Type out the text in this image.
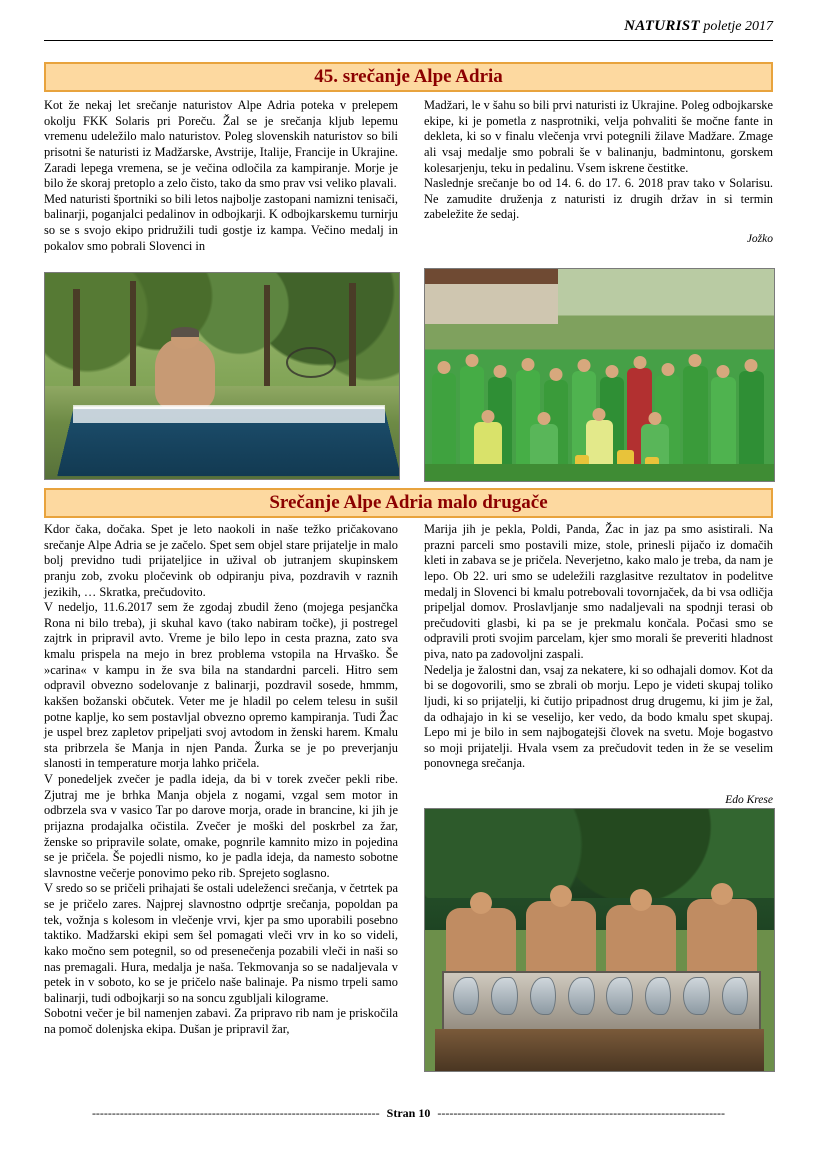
NATURIST poletje 2017
45. srečanje Alpe Adria

Kot že nekaj let srečanje naturistov Alpe Adria poteka v prelepem okolju FKK Solaris pri Poreču. Žal se je srečanja kljub lepemu vremenu udeležilo malo naturistov. Poleg slovenskih naturistov so bili prisotni še naturisti iz Madžarske, Avstrije, Italije, Francije in Ukrajine. Zaradi lepega vremena, se je večina odločila za kampiranje. Morje je bilo že skoraj pretoplo a zelo čisto, tako da smo prav vsi veliko plavali.

Med naturisti športniki so bili letos najbolje zastopani namizni tenisači, balinarji, poganjalci pedalinov in odbojkarji. K odbojkarskemu turnirju so se s svojo ekipo pridružili tudi gostje iz kampa. Večino medalj in pokalov smo pobrali Slovenci in

Madžari, le v šahu so bili prvi naturisti iz Ukrajine. Poleg odbojkarske ekipe, ki je pometla z nasprotniki, velja pohvaliti še močne fante in dekleta, ki so v finalu vlečenja vrvi potegnili žilave Madžare. Zmage ali vsaj medalje smo pobrali še v balinanju, badmintonu, gorskem kolesarjenju, teku in pedalinu. Vsem iskrene čestitke.

Naslednje srečanje bo od 14. 6. do 17. 6. 2018 prav tako v Solarisu. Ne zamudite druženja z naturisti iz drugih držav in si termin zabeležite že sedaj.

Jožko
Srečanje Alpe Adria malo drugače

Kdor čaka, dočaka. Spet je leto naokoli in naše težko pričakovano srečanje Alpe Adria se je začelo. Spet sem objel stare prijatelje in malo bolj previdno tudi prijateljice in užival ob jutranjem skupinskem pranju zob, zvoku pločevink ob odpiranju piva, pozdravih v raznih jezikih, … Skratka, prečudovito.

V nedeljo, 11.6.2017 sem že zgodaj zbudil ženo (mojega pesjančka Rona ni bilo treba), ji skuhal kavo (tako nabiram točke), ji postregel zajtrk in pripravil avto. Vreme je bilo lepo in cesta prazna, zato sva kmalu prispela na mejo in brez problema vstopila na Hrvaško. Še »carina« v kampu in že sva bila na standardni parceli. Hitro sem odpravil obvezno sodelovanje z balinarji, pozdravil sosede, hmmm, kakšen božanski občutek. Veter me je hladil po celem telesu in sušil potne kaplje, ko sem postavljal obvezno opremo kampiranja. Tudi Žac je uspel brez zapletov pripeljati svoj avtodom in ženski harem. Kmalu sta pribrzela še Manja in njen Panda. Žurka se je po preverjanju slanosti in temperature morja lahko pričela.

V ponedeljek zvečer je padla ideja, da bi v torek zvečer pekli ribe. Zjutraj me je brhka Manja objela z nogami, vzgal sem motor in odbrzela sva v vasico Tar po darove morja, orade in brancine, ki jih je prijazna prodajalka očistila. Zvečer je moški del poskrbel za žar, ženske so pripravile solate, omake, pognrile kamnito mizo in pojedina se je pričela. Še pojedli nismo, ko je padla ideja, da namesto sobotne slavnostne večerje ponovimo peko rib. Sprejeto soglasno.

V sredo so se pričeli prihajati še ostali udeleženci srečanja, v četrtek pa se je pričelo zares. Najprej slavnostno odprtje srečanja, popoldan pa tek, vožnja s kolesom in vlečenje vrvi, kjer pa smo uporabili posebno taktiko. Madžarski ekipi sem šel pomagati vleči vrv in ko so videli, kako močno sem potegnil, so od presenečenja pozabili vleči in naši so nas premagali. Hura, medalja je naša. Tekmovanja so se nadaljevala v petek in v soboto, ko se je pričelo naše balinaje. Pa nismo trpeli samo balinarji, tudi odbojkarji so na soncu zgubljali kilograme.

Sobotni večer je bil namenjen zabavi. Za pripravo rib nam je priskočila na pomoč dolenjska ekipa. Dušan je pripravil žar,

Marija jih je pekla, Poldi, Panda, Žac in jaz pa smo asistirali. Na prazni parceli smo postavili mize, stole, prinesli pijačo iz domačih kleti in zabava se je pričela. Neverjetno, kako malo je treba, da nam je lepo. Ob 22. uri smo se udeležili razglasitve rezultatov in podelitve medalj in Slovenci bi kmalu potrebovali tovornjaček, da bi vsa odličja pripeljal domov. Proslavljanje smo nadaljevali na spodnji terasi ob prečudoviti glasbi, ki pa se je prekmalu končala. Počasi smo se odpravili proti svojim parcelam, kjer smo morali še preveriti hladnost piva, nato pa zadovoljni zaspali.

Nedelja je žalostni dan, vsaj za nekatere, ki so odhajali domov. Kot da bi se dogovorili, smo se zbrali ob morju. Lepo je videti skupaj toliko ljudi, ki so prijatelji, ki čutijo pripadnost drug drugemu, ki jim je žal, da odhajajo in ki se veselijo, ker vedo, da bodo kmalu spet skupaj. Lepo mi je bilo in sem najbogatejši človek na svetu. Moje bogastvo so moji prijatelji. Hvala vsem za prečudovit teden in že se veselim ponovnega srečanja.

Edo Krese
------------------------------------------------------------------------ Stran 10 ------------------------------------------------------------------------
